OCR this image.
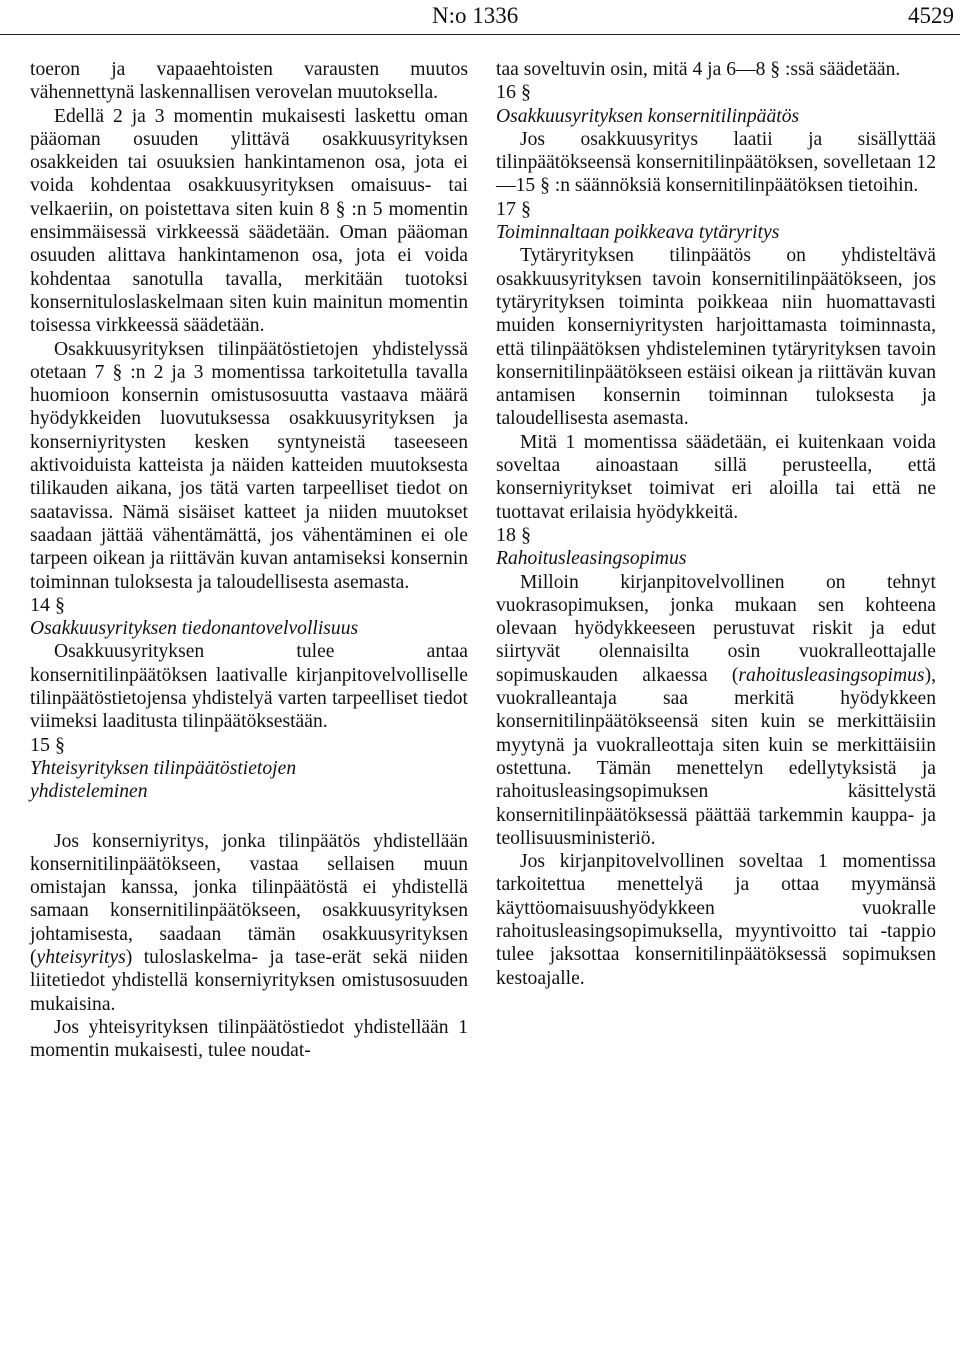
N:o 1336	4529

toeron ja vapaaehtoisten varausten muutos vähennettynä laskennallisen verovelan muutoksella.

Edellä 2 ja 3 momentin mukaisesti laskettu oman pääoman osuuden ylittävä osakkuusyrityksen osakkeiden tai osuuksien hankintamenon osa, jota ei voida kohdentaa osakkuusyrityksen omaisuus- tai velkaeriin, on poistettava siten kuin 8 § :n 5 momentin ensimmäisessä virkkeessä säädetään. Oman pääoman osuuden alittava hankintamenon osa, jota ei voida kohdentaa sanotulla tavalla, merkitään tuotoksi konsernituloslaskelmaan siten kuin mainitun momentin toisessa virkkeessä säädetään.

Osakkuusyrityksen tilinpäätöstietojen yhdistelyssä otetaan 7 § :n 2 ja 3 momentissa tarkoitetulla tavalla huomioon konsernin omistusosuutta vastaava määrä hyödykkeiden luovutuksessa osakkuusyrityksen ja konserniyritysten kesken syntyneistä taseeseen aktivoiduista katteista ja näiden katteiden muutoksesta tilikauden aikana, jos tätä varten tarpeelliset tiedot on saatavissa. Nämä sisäiset katteet ja niiden muutokset saadaan jättää vähentämättä, jos vähentäminen ei ole tarpeen oikean ja riittävän kuvan antamiseksi konsernin toiminnan tuloksesta ja taloudellisesta asemasta.

14 §

Osakkuusyrityksen tiedonantovelvollisuus

Osakkuusyrityksen tulee antaa konsernitilinpäätöksen laativalle kirjanpitovelvolliselle tilinpäätöstietojensa yhdistelyä varten tarpeelliset tiedot viimeksi laaditusta tilinpäätöksestään.

15 §

Yhteisyrityksen tilinpäätöstietojen
yhdisteleminen

Jos konserniyritys, jonka tilinpäätös yhdistellään konsernitilinpäätökseen, vastaa sellaisen muun omistajan kanssa, jonka tilinpäätöstä ei yhdistellä samaan konsernitilinpäätökseen, osakkuusyrityksen johtamisesta, saadaan tämän osakkuusyrityksen (yhteisyritys) tuloslaskelma- ja tase-erät sekä niiden liitetiedot yhdistellä konserniyrityksen omistusosuuden mukaisina.

Jos yhteisyrityksen tilinpäätöstiedot yhdistellään 1 momentin mukaisesti, tulee noudat-

taa soveltuvin osin, mitä 4 ja 6—8 § :ssä säädetään.

16 §

Osakkuusyrityksen konsernitilinpäätös

Jos osakkuusyritys laatii ja sisällyttää tilinpäätökseensä konsernitilinpäätöksen, sovelletaan 12—15 § :n säännöksiä konsernitilinpäätöksen tietoihin.

17 §

Toiminnaltaan poikkeava tytäryritys

Tytäryrityksen tilinpäätös on yhdisteltävä osakkuusyrityksen tavoin konsernitilinpäätökseen, jos tytäryrityksen toiminta poikkeaa niin huomattavasti muiden konserniyritysten harjoittamasta toiminnasta, että tilinpäätöksen yhdisteleminen tytäryrityksen tavoin konsernitilinpäätökseen estäisi oikean ja riittävän kuvan antamisen konsernin toiminnan tuloksesta ja taloudellisesta asemasta.

Mitä 1 momentissa säädetään, ei kuitenkaan voida soveltaa ainoastaan sillä perusteella, että konserniyritykset toimivat eri aloilla tai että ne tuottavat erilaisia hyödykkeitä.

18 §

Rahoitusleasingsopimus

Milloin kirjanpitovelvollinen on tehnyt vuokrasopimuksen, jonka mukaan sen kohteena olevaan hyödykkeeseen perustuvat riskit ja edut siirtyvät olennaisilta osin vuokralleottajalle sopimuskauden alkaessa (rahoitusleasingsopimus), vuokralleantaja saa merkitä hyödykkeen konsernitilinpäätökseensä siten kuin se merkittäisiin myytynä ja vuokralleottaja siten kuin se merkittäisiin ostettuna. Tämän menettelyn edellytyksistä ja rahoitusleasingsopimuksen käsittelystä konsernitilinpäätöksessä päättää tarkemmin kauppa- ja teollisuusministeriö.

Jos kirjanpitovelvollinen soveltaa 1 momentissa tarkoitettua menettelyä ja ottaa myymänsä käyttöomaisuushyödykkeen vuokralle rahoitusleasingsopimuksella, myyntivoitto tai -tappio tulee jaksottaa konsernitilinpäätöksessä sopimuksen kestoajalle.
